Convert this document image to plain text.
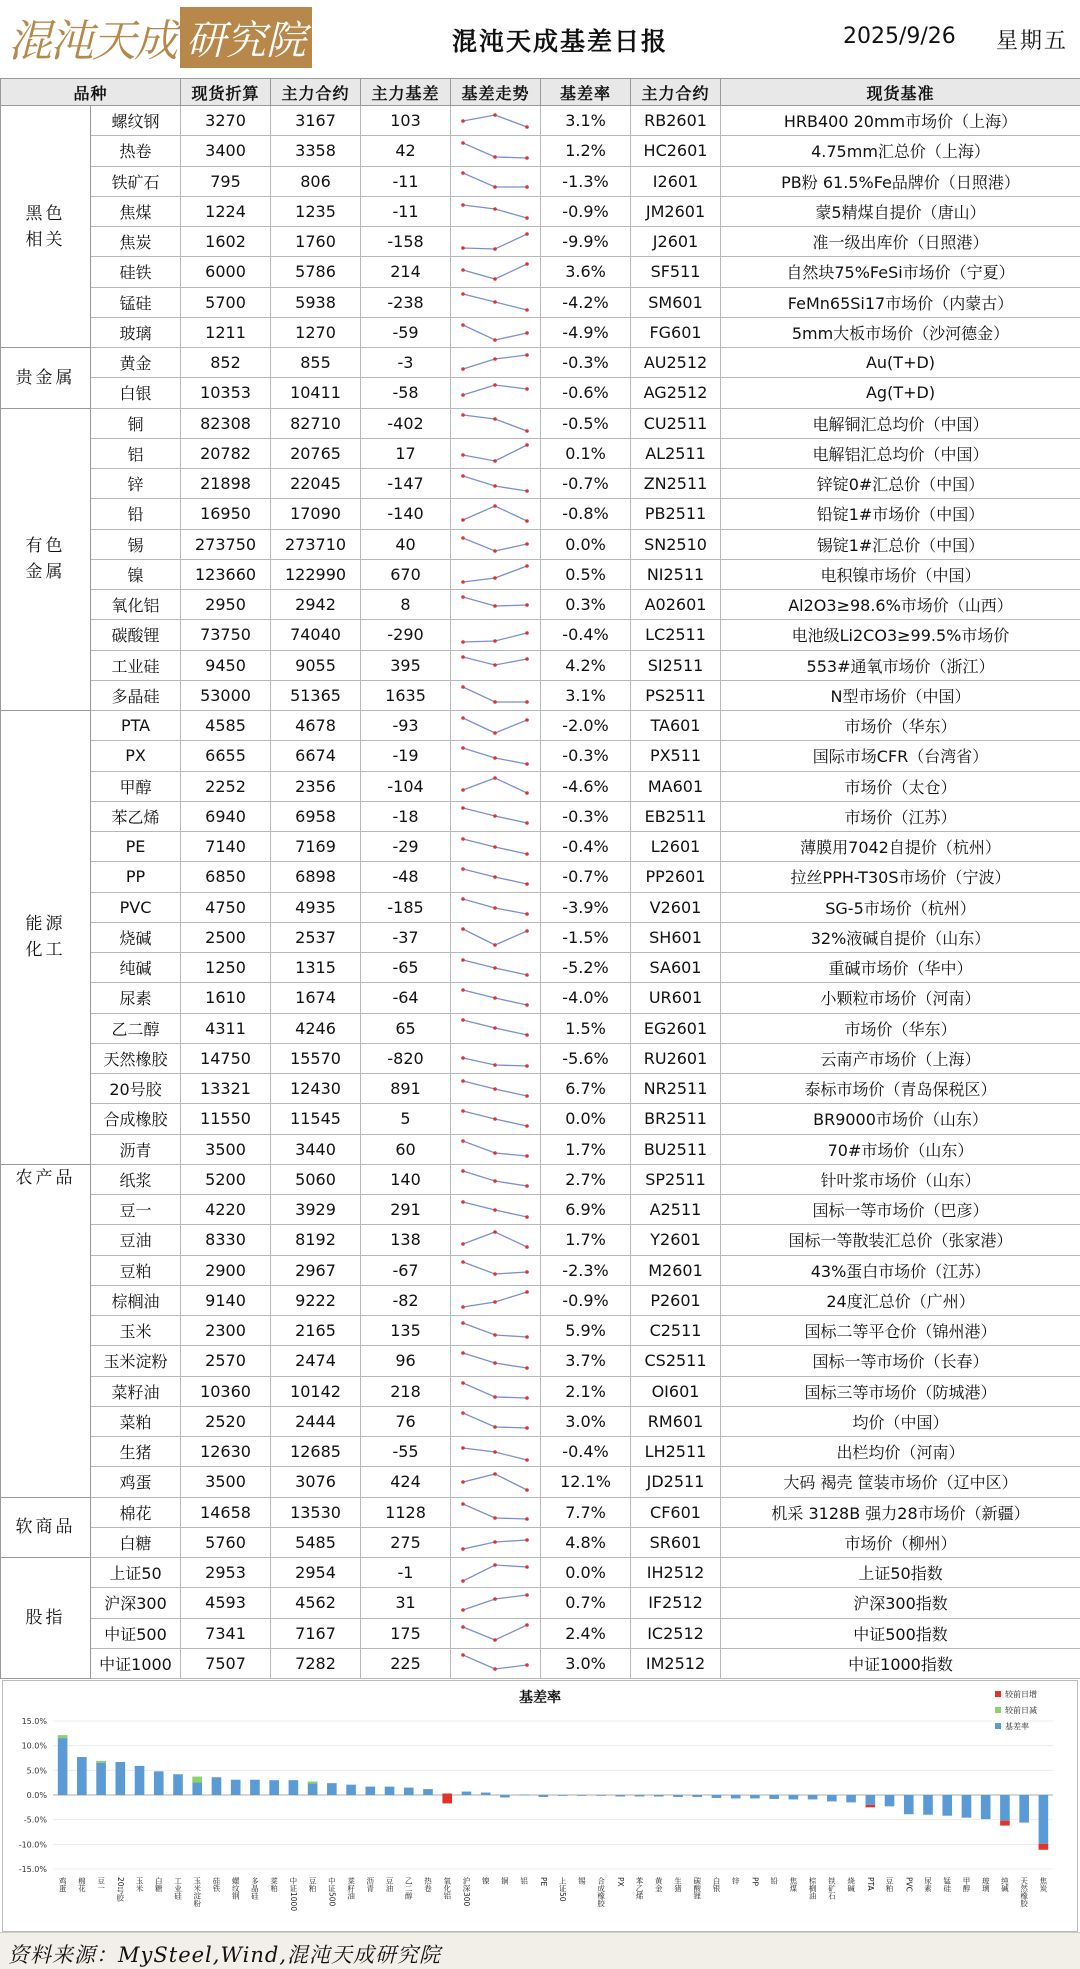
混沌天成 研究院	混沌天成基差日报	2025/9/26 星期五
品种		现货折算	主力合约	主力基差	基差走势	基差率	主力合约	现货基准
黑色
相关	螺纹钢	3270	3167	103		3.1%	RB2601	HRB400 20mm市场价（上海）
	热卷	3400	3358	42		1.2%	HC2601	4.75mm汇总价（上海）
	铁矿石	795	806	-11		-1.3%	I2601	PB粉 61.5%Fe品牌价（日照港）
	焦煤	1224	1235	-11		-0.9%	JM2601	蒙5精煤自提价（唐山）
	焦炭	1602	1760	-158		-9.9%	J2601	准一级出库价（日照港）
	硅铁	6000	5786	214		3.6%	SF511	自然块75%FeSi市场价（宁夏）
	锰硅	5700	5938	-238		-4.2%	SM601	FeMn65Si17市场价（内蒙古）
	玻璃	1211	1270	-59		-4.9%	FG601	5mm大板市场价（沙河德金）
贵金属	黄金	852	855	-3		-0.3%	AU2512	Au(T+D)
	白银	10353	10411	-58		-0.6%	AG2512	Ag(T+D)
有色
金属	铜	82308	82710	-402		-0.5%	CU2511	电解铜汇总均价（中国）
	铝	20782	20765	17		0.1%	AL2511	电解铝汇总均价（中国）
	锌	21898	22045	-147		-0.7%	ZN2511	锌锭0#汇总价（中国）
	铅	16950	17090	-140		-0.8%	PB2511	铅锭1#市场价（中国）
	锡	273750	273710	40		0.0%	SN2510	锡锭1#汇总价（中国）
	镍	123660	122990	670		0.5%	NI2511	电积镍市场价（中国）
	氧化铝	2950	2942	8		0.3%	A02601	Al2O3≥98.6%市场价（山西）
	碳酸锂	73750	74040	-290		-0.4%	LC2511	电池级Li2CO3≥99.5%市场价
	工业硅	9450	9055	395		4.2%	SI2511	553#通氧市场价（浙江）
	多晶硅	53000	51365	1635		3.1%	PS2511	N型市场价（中国）
能源
化工	PTA	4585	4678	-93		-2.0%	TA601	市场价（华东）
	PX	6655	6674	-19		-0.3%	PX511	国际市场CFR（台湾省）
	甲醇	2252	2356	-104		-4.6%	MA601	市场价（太仓）
	苯乙烯	6940	6958	-18		-0.3%	EB2511	市场价（江苏）
	PE	7140	7169	-29		-0.4%	L2601	薄膜用7042自提价（杭州）
	PP	6850	6898	-48		-0.7%	PP2601	拉丝PPH-T30S市场价（宁波）
	PVC	4750	4935	-185		-3.9%	V2601	SG-5市场价（杭州）
	烧碱	2500	2537	-37		-1.5%	SH601	32%液碱自提价（山东）
	纯碱	1250	1315	-65		-5.2%	SA601	重碱市场价（华中）
	尿素	1610	1674	-64		-4.0%	UR601	小颗粒市场价（河南）
	乙二醇	4311	4246	65		1.5%	EG2601	市场价（华东）
	天然橡胶	14750	15570	-820		-5.6%	RU2601	云南产市场价（上海）
	20号胶	13321	12430	891		6.7%	NR2511	泰标市场价（青岛保税区）
	合成橡胶	11550	11545	5		0.0%	BR2511	BR9000市场价（山东）
	沥青	3500	3440	60		1.7%	BU2511	70#市场价（山东）
农产品	纸浆	5200	5060	140		2.7%	SP2511	针叶浆市场价（山东）
	豆一	4220	3929	291		6.9%	A2511	国标一等市场价（巴彦）
	豆油	8330	8192	138		1.7%	Y2601	国标一等散装汇总价（张家港）
	豆粕	2900	2967	-67		-2.3%	M2601	43%蛋白市场价（江苏）
	棕榈油	9140	9222	-82		-0.9%	P2601	24度汇总价（广州）
	玉米	2300	2165	135		5.9%	C2511	国标二等平仓价（锦州港）
	玉米淀粉	2570	2474	96		3.7%	CS2511	国标一等市场价（长春）
	菜籽油	10360	10142	218		2.1%	OI601	国标三等市场价（防城港）
	菜粕	2520	2444	76		3.0%	RM601	均价（中国）
	生猪	12630	12685	-55		-0.4%	LH2511	出栏均价（河南）
	鸡蛋	3500	3076	424		12.1%	JD2511	大码 褐壳 筐装市场价（辽中区）
软商品	棉花	14658	13530	1128		7.7%	CF601	机采 3128B 强力28市场价（新疆）
	白糖	5760	5485	275		4.8%	SR601	市场价（柳州）
股指	上证50	2953	2954	-1		0.0%	IH2512	上证50指数
	沪深300	4593	4562	31		0.7%	IF2512	沪深300指数
	中证500	7341	7167	175		2.4%	IC2512	中证500指数
	中证1000	7507	7282	225		3.0%	IM2512	中证1000指数
基差率
15.0%
10.0%
5.0%
0.0%
-5.0%
-10.0%
-15.0%
鸡蛋 棉花 豆一 20号胶 玉米 白糖 工业硅 玉米淀粉 硅铁 螺纹钢 多晶硅 菜粕 中证1000 豆粕 中证500 菜籽油 沥青 豆油 乙二醇 热卷 氧化铝 沪深300 镍 铜 铝 PE 上证50 锡 合成橡胶 PX 苯乙烯 黄金 生猪 碳酸锂 白银 锌 PP 铅 焦煤 棕榈油 铁矿石 烧碱 PTA 豆粕 PVC 尿素 锰硅 甲醇 玻璃 纯碱 天然橡胶 焦炭
较前日增
较前日减
基差率
资料来源：MySteel,Wind,混沌天成研究院
